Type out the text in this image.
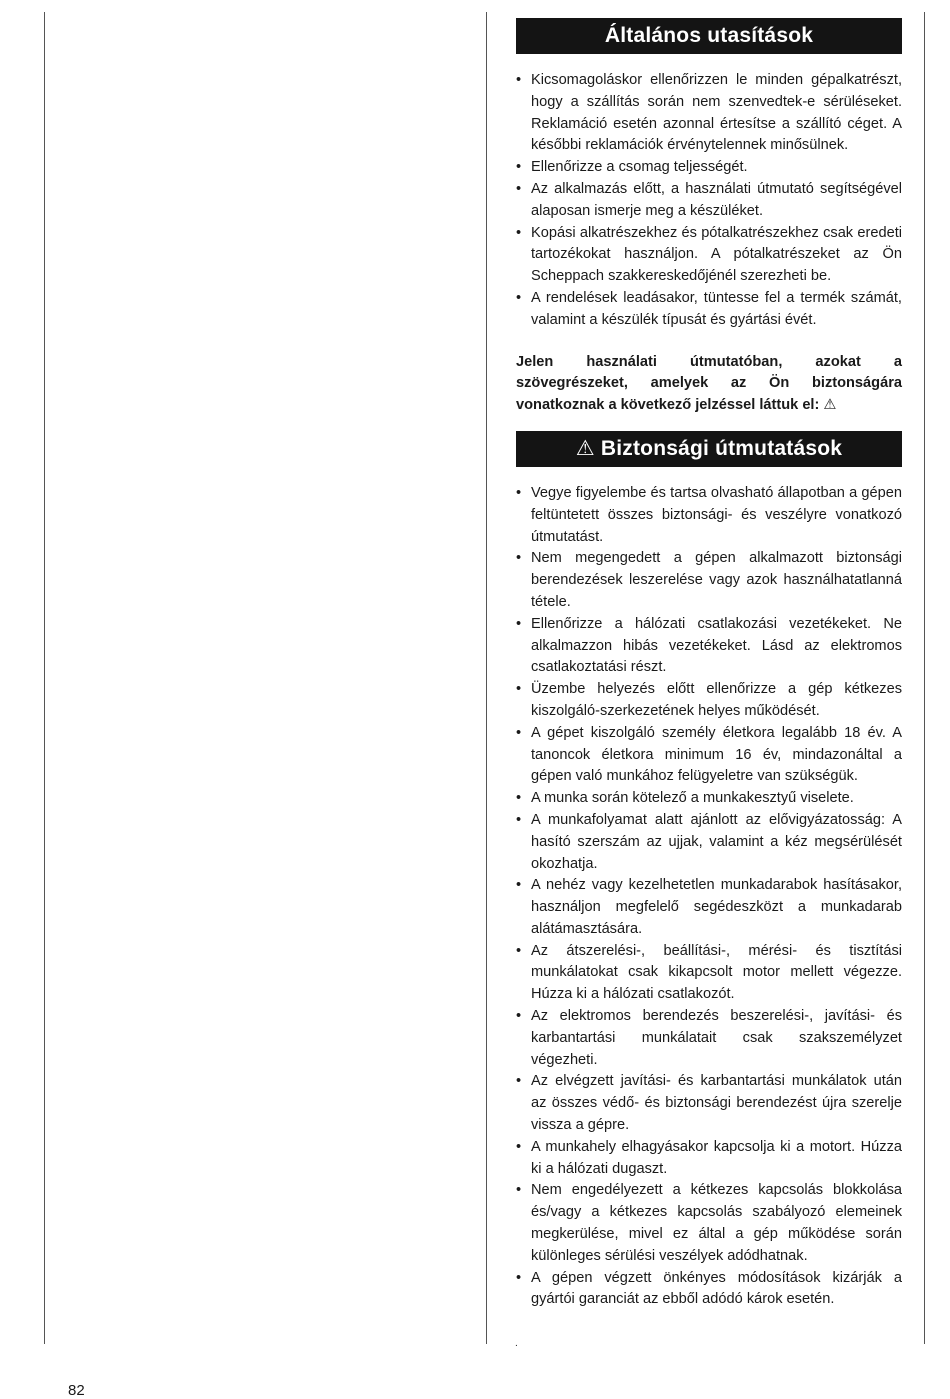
Általános utasítások
• Kicsomagoláskor ellenőrizzen le minden gépalkatrészt, hogy a szállítás során nem szenvedtek-e sérüléseket. Reklamáció esetén azonnal értesítse a szállító céget. A későbbi reklamációk érvénytelennek minősülnek.
• Ellenőrizze a csomag teljességét.
• Az alkalmazás előtt, a használati útmutató segítségével alaposan ismerje meg a készüléket.
• Kopási alkatrészekhez és pótalkatrészekhez csak eredeti tartozékokat használjon. A pótalkatrészeket az Ön Scheppach szakkereskedőjénél szerezheti be.
• A rendelések leadásakor, tüntesse fel a termék számát, valamint a készülék típusát és gyártási évét.

Jelen használati útmutatóban, azokat a szövegrészeket, amelyek az Ön biztonságára vonatkoznak a következő jelzéssel láttuk el: ⚠

⚠ Biztonsági útmutatások
• Vegye figyelembe és tartsa olvasható állapotban a gépen feltüntetett összes biztonsági- és veszélyre vonatkozó útmutatást.
• Nem megengedett a gépen alkalmazott biztonsági berendezések leszerelése vagy azok használhatatlanná tétele.
• Ellenőrizze a hálózati csatlakozási vezetékeket. Ne alkalmazzon hibás vezetékeket. Lásd az elektromos csatlakoztatási részt.
• Üzembe helyezés előtt ellenőrizze a gép kétkezes kiszolgáló-szerkezetének helyes működését.
• A gépet kiszolgáló személy életkora legalább 18 év. A tanoncok életkora minimum 16 év, mindazonáltal a gépen való munkához felügyeletre van szükségük.
• A munka során kötelező a munkakesztyű viselete.
• A munkafolyamat alatt ajánlott az elővigyázatosság: A hasító szerszám az ujjak, valamint a kéz megsérülését okozhatja.
• A nehéz vagy kezelhetetlen munkadarabok hasításakor, használjon megfelelő segédeszközt a munkadarab alátámasztására.
• Az átszerelési-, beállítási-, mérési- és tisztítási munkálatokat csak kikapcsolt motor mellett végezze. Húzza ki a hálózati csatlakozót.
• Az elektromos berendezés beszerelési-, javítási- és karbantartási munkálatait csak szakszemélyzet végezheti.
• Az elvégzett javítási- és karbantartási munkálatok után az összes védő- és biztonsági berendezést újra szerelje vissza a gépre.
• A munkahely elhagyásakor kapcsolja ki a motort. Húzza ki a hálózati dugaszt.
• Nem engedélyezett a kétkezes kapcsolás blokkolása és/vagy a kétkezes kapcsolás szabályozó elemeinek megkerülése, mivel ez által a gép működése során különleges sérülési veszélyek adódhatnak.
• A gépen végzett önkényes módosítások kizárják a gyártói garanciát az ebből adódó károk esetén.
.
82
